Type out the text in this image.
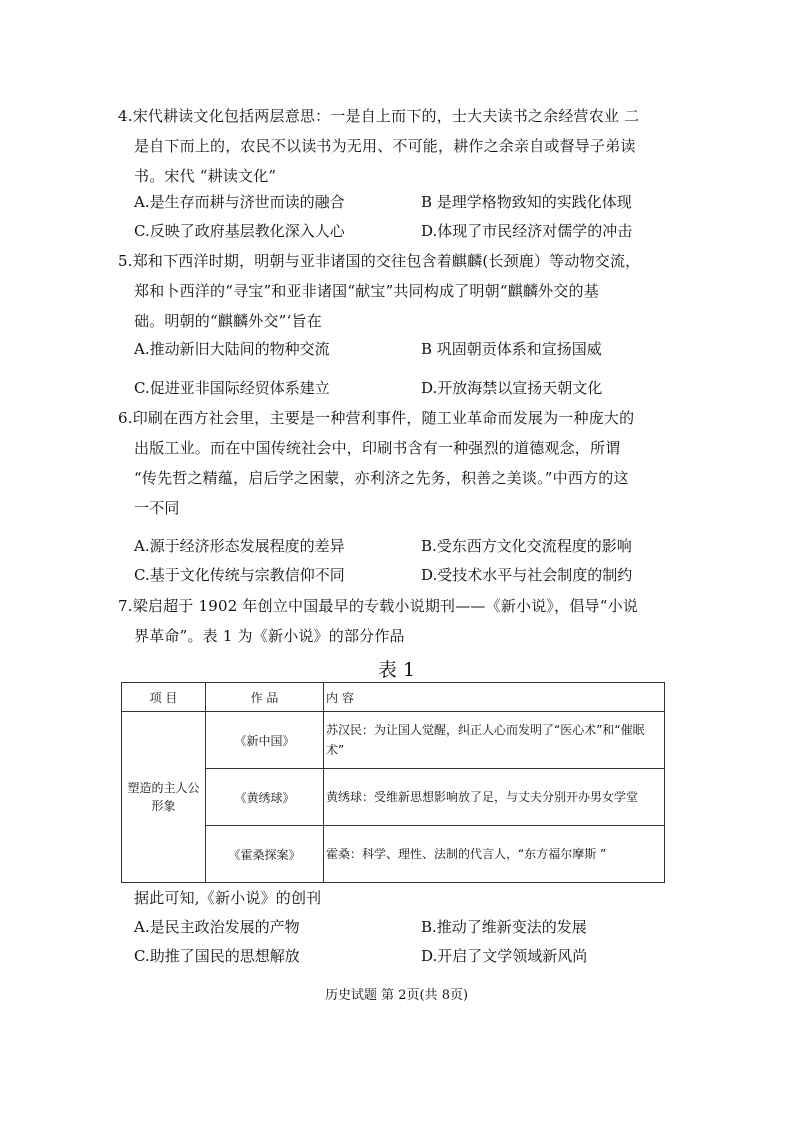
4.宋代耕读文化包括两层意思：一是自上而下的，士大夫读书之余经营农业 二
是自下而上的，农民不以读书为无用、不可能，耕作之余亲自或督导子弟读
书。宋代 “耕读文化”
A.是生存而耕与济世而读的融合	B 是理学格物致知的实践化体现
C.反映了政府基层教化深入人心	D.体现了市民经济对儒学的冲击
5.郑和下西洋时期，明朝与亚非诸国的交往包含着麒麟(长颈鹿）等动物交流，
郑和卜西洋的“寻宝”和亚非诸国“献宝”共同构成了明朝“麒麟外交的基
础。明朝的“麒麟外交”‘旨在
A.推动新旧大陆间的物种交流	B 巩固朝贡体系和宣扬国威
C.促进亚非国际经贸体系建立	D.开放海禁以宣扬天朝文化
6.印刷在西方社会里，主要是一种营利事件，随工业革命而发展为一种庞大的
出版工业。而在中国传统社会中，印刷书含有一种强烈的道德观念，所谓
“传先哲之精蕴，启后学之困蒙，亦利济之先务，积善之美谈。”中西方的这
一不同
A.源于经济形态发展程度的差异	B.受东西方文化交流程度的影响
C.基于文化传统与宗教信仰不同	D.受技术水平与社会制度的制约
7.梁启超于 1902 年创立中国最早的专载小说期刊——《新小说》，倡导“小说
界革命”。表 1 为《新小说》的部分作品
表 1
项 目	作 品	内 容
塑造的主人公形象	《新中国》	苏汉民：为让国人觉醒，纠正人心而发明了“医心术”和“催眠术”
	《黄绣球》	黄绣球：受维新思想影响放了足，与丈夫分别开办男女学堂
	《霍桑探案》	霍桑：科学、理性、法制的代言人，“东方福尔摩斯 ”
据此可知,《新小说》的创刊
A.是民主政治发展的产物	B.推动了维新变法的发展
C.助推了国民的思想解放	D.开启了文学领域新风尚
历史试题 第 2页(共 8页)
